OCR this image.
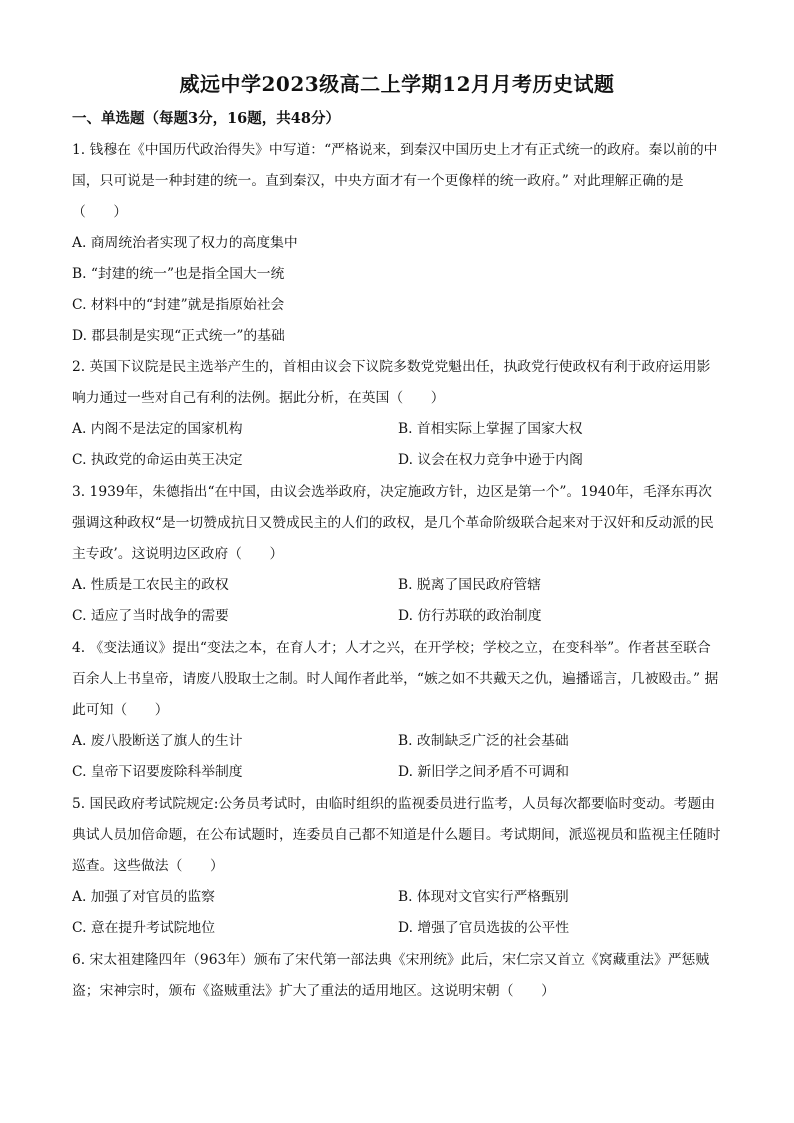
威远中学2023级高二上学期12月月考历史试题
一、单选题（每题3分，16题，共48分）

1. 钱穆在《中国历代政治得失》中写道：“严格说来，到秦汉中国历史上才有正式统一的政府。秦以前的中国，只可说是一种封建的统一。直到秦汉，中央方面才有一个更像样的统一政府。” 对此理解正确的是（　　）

A. 商周统治者实现了权力的高度集中
B. “封建的统一”也是指全国大一统
C. 材料中的“封建”就是指原始社会
D. 郡县制是实现“正式统一”的基础

2. 英国下议院是民主选举产生的，首相由议会下议院多数党党魁出任，执政党行使政权有利于政府运用影响力通过一些对自己有利的法例。据此分析，在英国（　　）

A. 内阁不是法定的国家机构	B. 首相实际上掌握了国家大权
C. 执政党的命运由英王决定	D. 议会在权力竞争中逊于内阁

3. 1939年，朱德指出“在中国，由议会选举政府，决定施政方针，边区是第一个”。1940年，毛泽东再次强调这种政权“是一切赞成抗日又赞成民主的人们的政权，是几个革命阶级联合起来对于汉奸和反动派的民主专政’。这说明边区政府（　　）

A. 性质是工农民主的政权	B. 脱离了国民政府管辖
C. 适应了当时战争的需要	D. 仿行苏联的政治制度

4. 《变法通议》提出“变法之本，在育人才；人才之兴，在开学校；学校之立，在变科举”。作者甚至联合百余人上书皇帝，请废八股取士之制。时人闻作者此举，“嫉之如不共戴天之仇，遍播谣言，几被殴击。” 据此可知（　　）

A. 废八股断送了旗人的生计	B. 改制缺乏广泛的社会基础
C. 皇帝下诏要废除科举制度	D. 新旧学之间矛盾不可调和

5. 国民政府考试院规定:公务员考试时，由临时组织的监视委员进行监考，人员每次都要临时变动。考题由典试人员加倍命题，在公布试题时，连委员自己都不知道是什么题目。考试期间，派巡视员和监视主任随时巡查。这些做法（　　）

A. 加强了对官员的监察	B. 体现对文官实行严格甄别
C. 意在提升考试院地位	D. 增强了官员选拔的公平性

6. 宋太祖建隆四年（963年）颁布了宋代第一部法典《宋刑统》此后，宋仁宗又首立《窝藏重法》严惩贼盗；宋神宗时，颁布《盗贼重法》扩大了重法的适用地区。这说明宋朝（　　）
